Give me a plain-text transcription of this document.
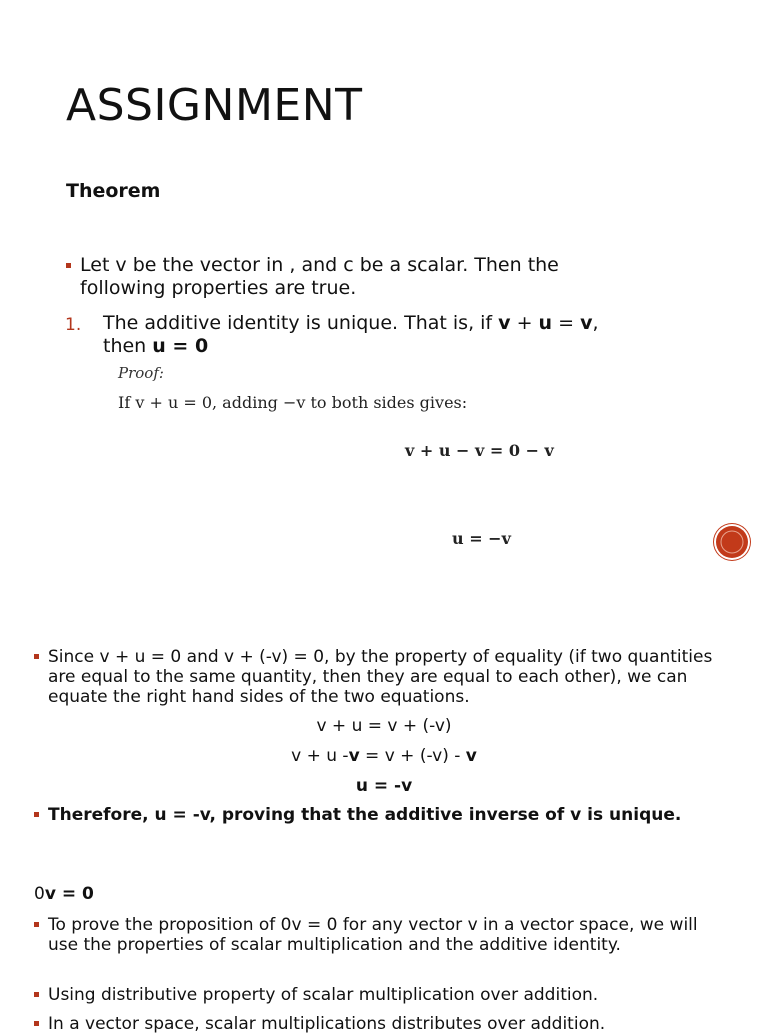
ASSIGNMENT
Theorem
Let v be the vector in , and c be a scalar. Then the following properties are true.
1. The additive identity is unique. That is, if v + u = v,
then u = 0
Proof:
If v + u = 0, adding −v to both sides gives:
v + u − v = 0 − v
u = −v
Since v + u = 0 and v + (-v) = 0, by the property of equality (if two quantities are equal to the same quantity, then they are equal to each other), we can equate the right hand sides of the two equations.
v + u = v + (-v)
v + u -v = v + (-v) - v
u = -v
Therefore, u = -v, proving that the additive inverse of v is unique.
0v = 0
To prove the proposition of 0v = 0 for any vector v in a vector space, we will use the properties of scalar multiplication and the additive identity.
Using distributive property of scalar multiplication over addition.
In a vector space, scalar multiplications distributes over addition.
